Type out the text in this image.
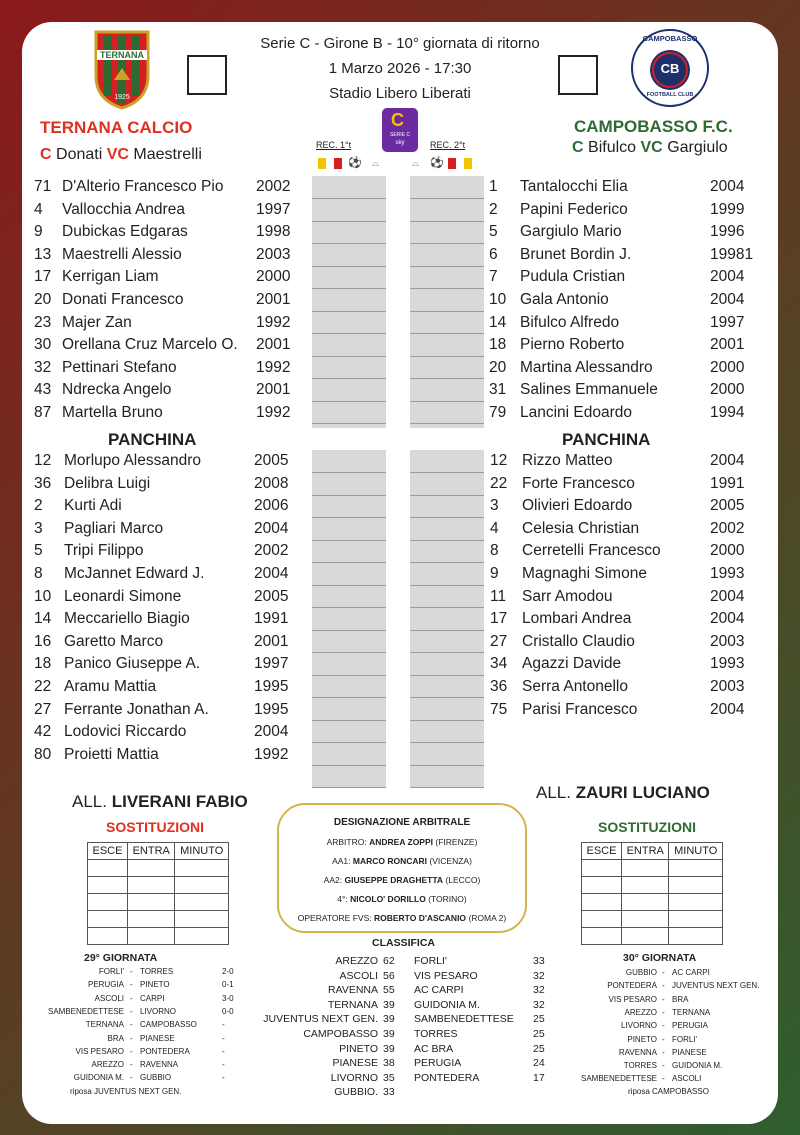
Serie C - Girone B - 10° giornata di ritorno
1 Marzo 2026 - 17:30
Stadio Libero Liberati
TERNANA
1925
CAMPOBASSO
CB
FOOTBALL CLUB
C
SERIE C
sky
TERNANA CALCIO
C Donati VC Maestrelli
CAMPOBASSO F.C.
C Bifulco VC Gargiulo
REC. 1°t	REC. 2°t
⚽ ⌓	⌓ ⚽
71 D'Alterio Francesco Pio 2002
4 Vallocchia Andrea	1997
9 Dubickas Edgaras	1998
13 Maestrelli Alessio	2003
17 Kerrigan Liam	2000
20 Donati Francesco	2001
23 Majer Zan	1992
30 Orellana Cruz Marcelo O. 2001
32 Pettinari Stefano	1992
43 Ndrecka Angelo	2001
87 Martella Bruno	1992
1 Tantalocchi Elia	2004
2 Papini Federico	1999
5 Gargiulo Mario	1996
6 Brunet Bordin J.	19981
7 Pudula Cristian	2004
10 Gala Antonio	2004
14 Bifulco Alfredo	1997
18 Pierno Roberto	2001
20 Martina Alessandro	2000
31 Salines Emmanuele	2000
79 Lancini Edoardo	1994
PANCHINA	PANCHINA
12 Morlupo Alessandro	2005
36 Delibra Luigi	2008
2 Kurti Adi	2006
3 Pagliari Marco	2004
5 Tripi Filippo	2002
8 McJannet Edward J.	2004
10 Leonardi Simone	2005
14 Meccariello Biagio	1991
16 Garetto Marco	2001
18 Panico Giuseppe A.	1997
22 Aramu Mattia	1995
27 Ferrante Jonathan A.	1995
42 Lodovici Riccardo	2004
80 Proietti Mattia	1992
12 Rizzo Matteo	2004
22 Forte Francesco	1991
3 Olivieri Edoardo	2005
4 Celesia Christian	2002
8 Cerretelli Francesco	2000
9 Magnaghi Simone	1993
11 Sarr Amodou	2004
17 Lombari Andrea	2004
27 Cristallo Claudio	2003
34 Agazzi Davide	1993
36 Serra Antonello	2003
75 Parisi Francesco	2004
ALL. LIVERANI FABIO	ALL. ZAURI LUCIANO
SOSTITUZIONI	SOSTITUZIONI
ESCE	ENTRA	MINUTO

			ESCE	ENTRA	MINUTO

DESIGNAZIONE ARBITRALE
ARBITRO: ANDREA ZOPPI (FIRENZE)
AA1: MARCO RONCARI (VICENZA)
AA2: GIUSEPPE DRAGHETTA (LECCO)
4°: NICOLO' DORILLO (TORINO)
OPERATORE FVS: ROBERTO D'ASCANIO (ROMA 2)
29° GIORNATA
FORLI' - TORRES	2-0
PERUGIA - PINETO	0-1
ASCOLI - CARPI	3-0
SAMBENEDETTESE - LIVORNO	0-0
TERNANA - CAMPOBASSO	-
BRA - PIANESE	-
VIS PESARO - PONTEDERA	-
AREZZO - RAVENNA	-
GUIDONIA M. - GUBBIO	-
riposa JUVENTUS NEXT GEN.
CLASSIFICA
AREZZO 62
ASCOLI 56
RAVENNA 55
TERNANA 39
JUVENTUS NEXT GEN. 39
CAMPOBASSO 39
PINETO 39
PIANESE 38
LIVORNO 35
GUBBIO. 33
FORLI'	33
VIS PESARO	32
AC CARPI	32
GUIDONIA M.	32
SAMBENEDETTESE 25
TORRES	25
AC BRA	25
PERUGIA	24
PONTEDERA	17
30° GIORNATA
GUBBIO - AC CARPI
PONTEDERA - JUVENTUS NEXT GEN.
VIS PESARO - BRA
AREZZO - TERNANA
LIVORNO - PERUGIA
PINETO - FORLI'
RAVENNA - PIANESE
TORRES - GUIDONIA M.
SAMBENEDETTESE - ASCOLI
riposa CAMPOBASSO
